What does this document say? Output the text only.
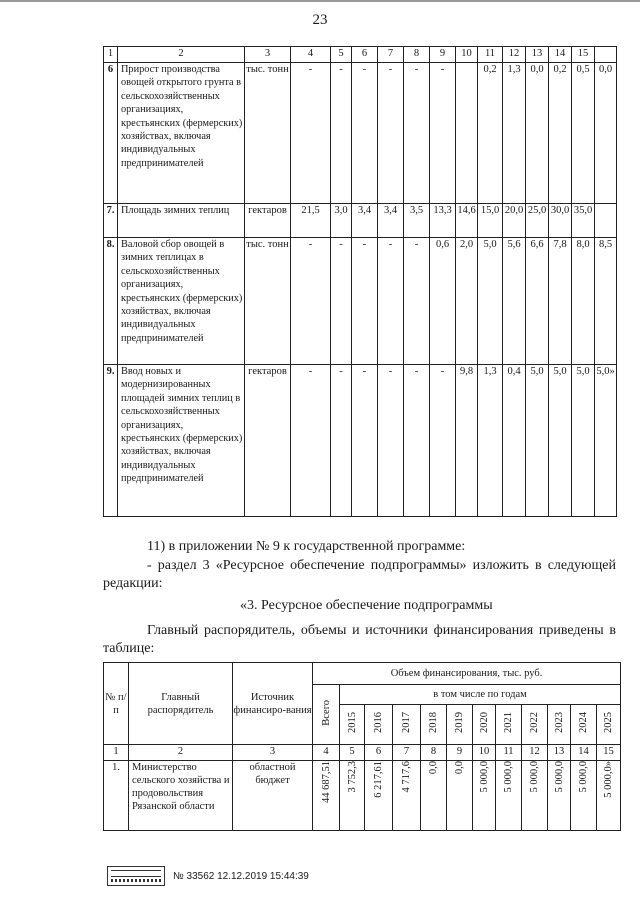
23
1	2	3	4	5	6	7	8	9	10	11	12	13	14	15	
6	Прирост производства овощей открытого грунта в сельскохозяйственных организациях, крестьянских (фермерских) хозяйствах, включая индивидуальных предпринимателей	тыс. тонн	-	-	-	-	-	-		0,2	1,3	0,0	0,2	0,5	0,0
7.	Площадь зимних теплиц	гектаров	21,5	3,0	3,4	3,4	3,5	13,3	14,6	15,0	20,0	25,0	30,0	35,0	
8.	Валовой сбор овощей в зимних теплицах в сельскохозяйственных организациях, крестьянских (фермерских) хозяйствах, включая индивидуальных предпринимателей	тыс. тонн	-	-	-	-	-	0,6	2,0	5,0	5,6	6,6	7,8	8,0	8,5
9.	Ввод новых и модернизированных площадей зимних теплиц в сельскохозяйственных организациях, крестьянских (фермерских) хозяйствах, включая индивидуальных предпринимателей	гектаров	-	-	-	-	-	-	9,8	1,3	0,4	5,0	5,0	5,0	5,0»
11) в приложении № 9 к государственной программе:
- раздел 3 «Ресурсное обеспечение подпрограммы» изложить в следующей редакции:
«3. Ресурсное обеспечение подпрограммы
Главный распорядитель, объемы и источники финансирования приведены в таблице:
№ п/п	Главный распорядитель	Источник финансиро-вания	Объем финансирования, тыс. руб.											
			Всего	в том числе по годам										
				2015	2016	2017	2018	2019	2020	2021	2022	2023	2024	2025
1	2	3	4	5	6	7	8	9	10	11	12	13	14	15
1.	Министерство сельского хозяйства и продовольствия Рязанской области	областной бюджет	44 687,51	3 752,3	6 217,61	4 717,6	0,0	0,0	5 000,0	5 000,0	5 000,0	5 000,0	5 000,0	5 000,0»
№ 33562 12.12.2019 15:44:39
